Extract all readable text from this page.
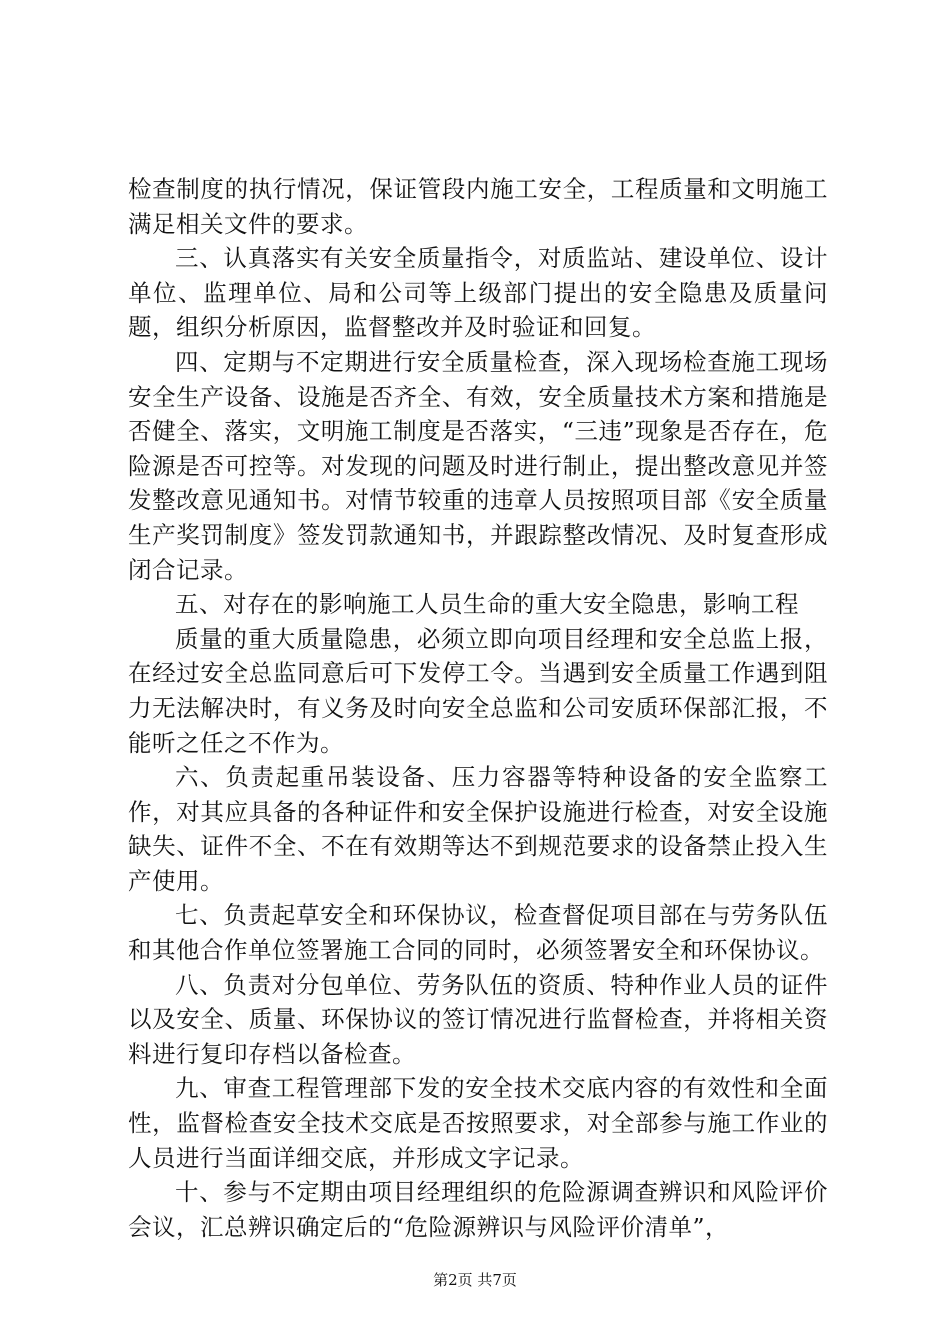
检查制度的执行情况，保证管段内施工安全，工程质量和文明施工满足相关文件的要求。

三、认真落实有关安全质量指令，对质监站、建设单位、设计单位、监理单位、局和公司等上级部门提出的安全隐患及质量问题，组织分析原因，监督整改并及时验证和回复。

四、定期与不定期进行安全质量检查，深入现场检查施工现场安全生产设备、设施是否齐全、有效，安全质量技术方案和措施是否健全、落实，文明施工制度是否落实，“三违”现象是否存在，危险源是否可控等。对发现的问题及时进行制止，提出整改意见并签发整改意见通知书。对情节较重的违章人员按照项目部《安全质量生产奖罚制度》签发罚款通知书，并跟踪整改情况、及时复查形成闭合记录。

五、对存在的影响施工人员生命的重大安全隐患，影响工程

质量的重大质量隐患，必须立即向项目经理和安全总监上报，在经过安全总监同意后可下发停工令。当遇到安全质量工作遇到阻力无法解决时，有义务及时向安全总监和公司安质环保部汇报，不能听之任之不作为。

六、负责起重吊装设备、压力容器等特种设备的安全监察工作，对其应具备的各种证件和安全保护设施进行检查，对安全设施缺失、证件不全、不在有效期等达不到规范要求的设备禁止投入生产使用。

七、负责起草安全和环保协议，检查督促项目部在与劳务队伍和其他合作单位签署施工合同的同时，必须签署安全和环保协议。

八、负责对分包单位、劳务队伍的资质、特种作业人员的证件以及安全、质量、环保协议的签订情况进行监督检查，并将相关资料进行复印存档以备检查。

九、审查工程管理部下发的安全技术交底内容的有效性和全面性，监督检查安全技术交底是否按照要求，对全部参与施工作业的人员进行当面详细交底，并形成文字记录。

十、参与不定期由项目经理组织的危险源调查辨识和风险评价会议，汇总辨识确定后的“危险源辨识与风险评价清单”，

第2页 共7页
